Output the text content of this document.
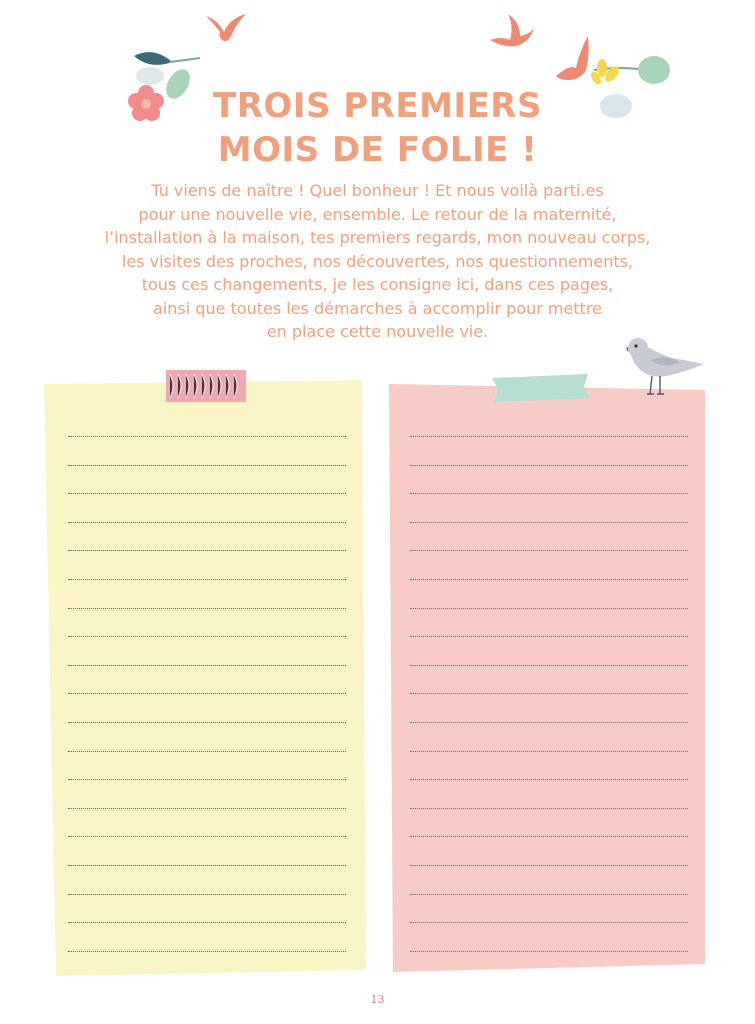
TROIS PREMIERS
MOIS DE FOLIE !
Tu viens de naître ! Quel bonheur ! Et nous voilà parti.es
pour une nouvelle vie, ensemble. Le retour de la maternité,
l’installation à la maison, tes premiers regards, mon nouveau corps,
les visites des proches, nos découvertes, nos questionnements,
tous ces changements, je les consigne ici, dans ces pages,
ainsi que toutes les démarches à accomplir pour mettre
en place cette nouvelle vie.
13
